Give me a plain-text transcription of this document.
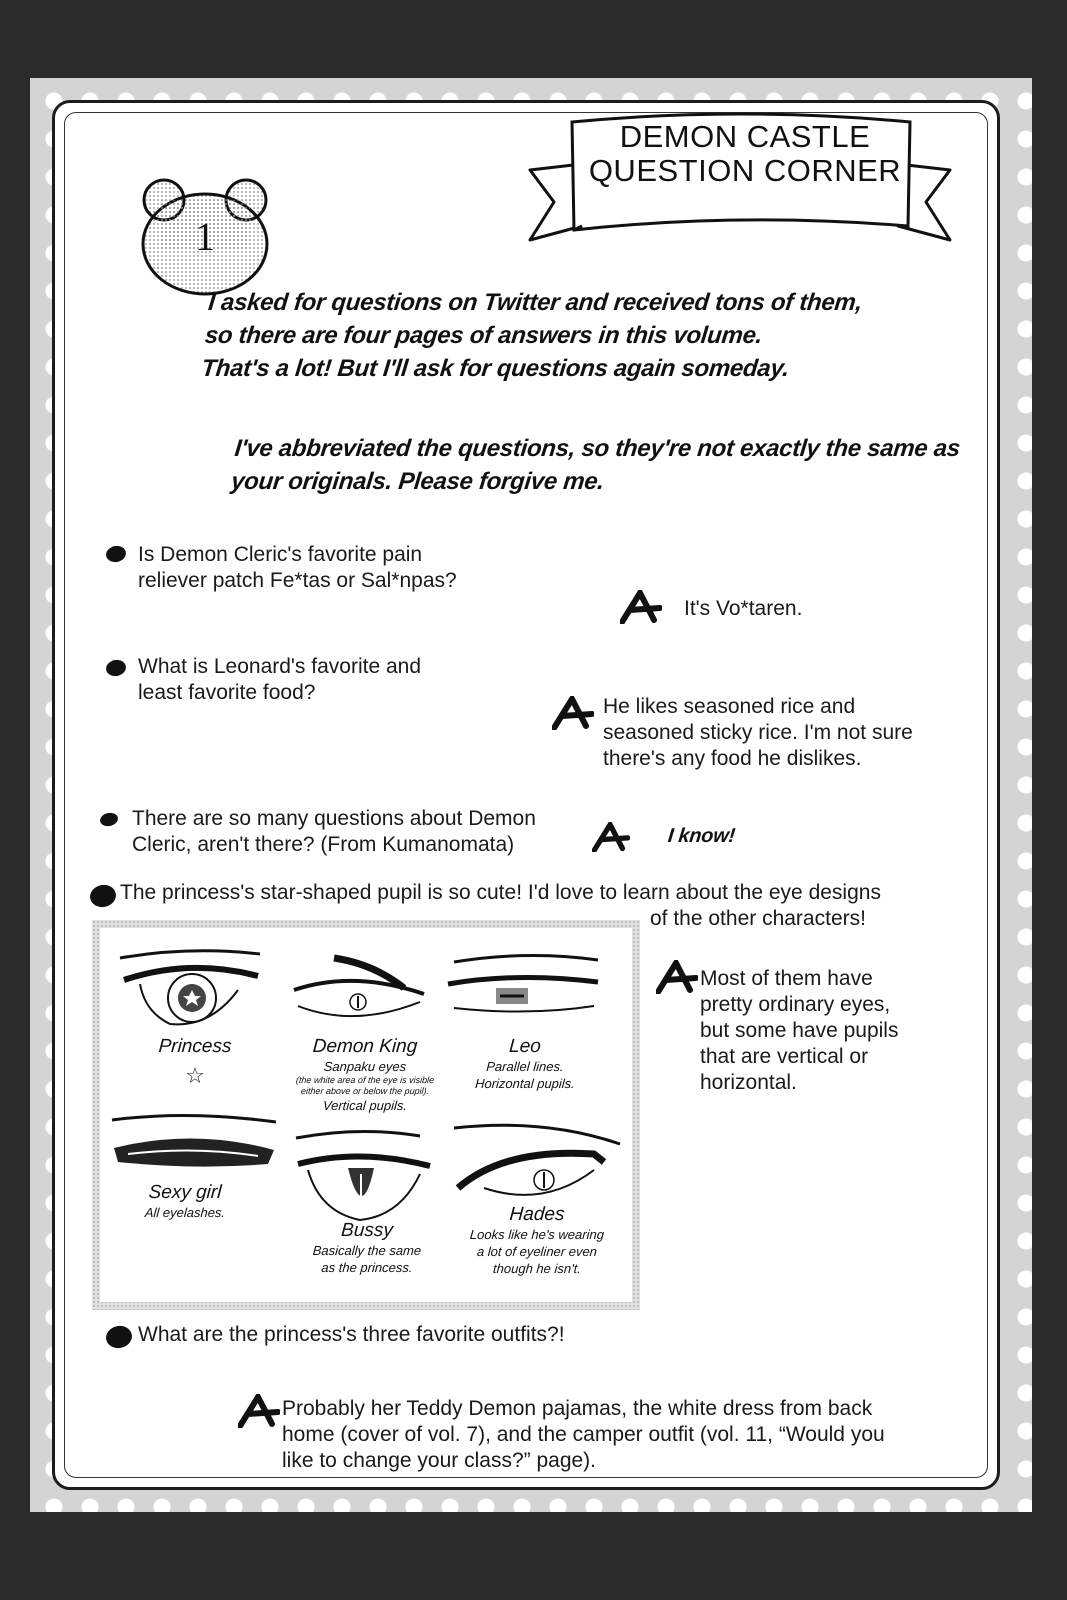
DEMON CASTLE
QUESTION CORNER
1
I asked for questions on Twitter and received tons of them,
so there are four pages of answers in this volume.
That's a lot! But I'll ask for questions again someday.
I've abbreviated the questions, so they're not exactly the same as
your originals. Please forgive me.
Is Demon Cleric's favorite pain
reliever patch Fe*tas or Sal*npas?
It's Vo*taren.
What is Leonard's favorite and
least favorite food?
He likes seasoned rice and
seasoned sticky rice. I'm not sure
there's any food he dislikes.
There are so many questions about Demon
Cleric, aren't there? (From Kumanomata)	I know!
The princess's star-shaped pupil is so cute! I'd love to learn about the eye designs
of the other characters!
Most of them have
pretty ordinary eyes,
but some have pupils
that are vertical or
horizontal.
Princess
☆
Demon King
Sanpaku eyes
(the white area of the eye is visible
either above or below the pupil).
Vertical pupils.
Leo
Parallel lines.
Horizontal pupils.
Sexy girl
All eyelashes.
Bussy
Basically the same
as the princess.
Hades
Looks like he's wearing
a lot of eyeliner even
though he isn't.
What are the princess's three favorite outfits?!
Probably her Teddy Demon pajamas, the white dress from back
home (cover of vol. 7), and the camper outfit (vol. 11, “Would you
like to change your class?” page).
